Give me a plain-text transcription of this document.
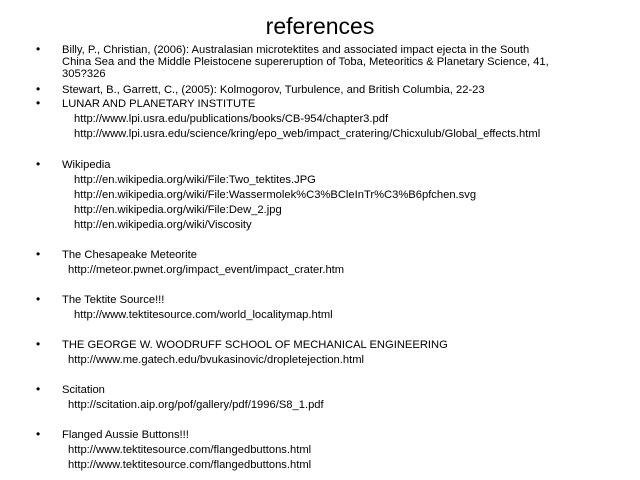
references
• Billy, P., Christian, (2006): Australasian microtektites and associated impact ejecta in the South
China Sea and the Middle Pleistocene supereruption of Toba, Meteoritics & Planetary Science, 41,
305?326
• Stewart, B., Garrett, C., (2005): Kolmogorov, Turbulence, and British Columbia, 22-23
• LUNAR AND PLANETARY INSTITUTE
http://www.lpi.usra.edu/publications/books/CB-954/chapter3.pdf
http://www.lpi.usra.edu/science/kring/epo_web/impact_cratering/Chicxulub/Global_effects.html
• Wikipedia
http://en.wikipedia.org/wiki/File:Two_tektites.JPG
http://en.wikipedia.org/wiki/File:Wassermolek%C3%BCleInTr%C3%B6pfchen.svg
http://en.wikipedia.org/wiki/File:Dew_2.jpg
http://en.wikipedia.org/wiki/Viscosity
• The Chesapeake Meteorite
http://meteor.pwnet.org/impact_event/impact_crater.htm
• The Tektite Source!!!
http://www.tektitesource.com/world_localitymap.html
• THE GEORGE W. WOODRUFF SCHOOL OF MECHANICAL ENGINEERING
http://www.me.gatech.edu/bvukasinovic/dropletejection.html
• Scitation
http://scitation.aip.org/pof/gallery/pdf/1996/S8_1.pdf
• Flanged Aussie Buttons!!!
http://www.tektitesource.com/flangedbuttons.html
http://www.tektitesource.com/flangedbuttons.html
